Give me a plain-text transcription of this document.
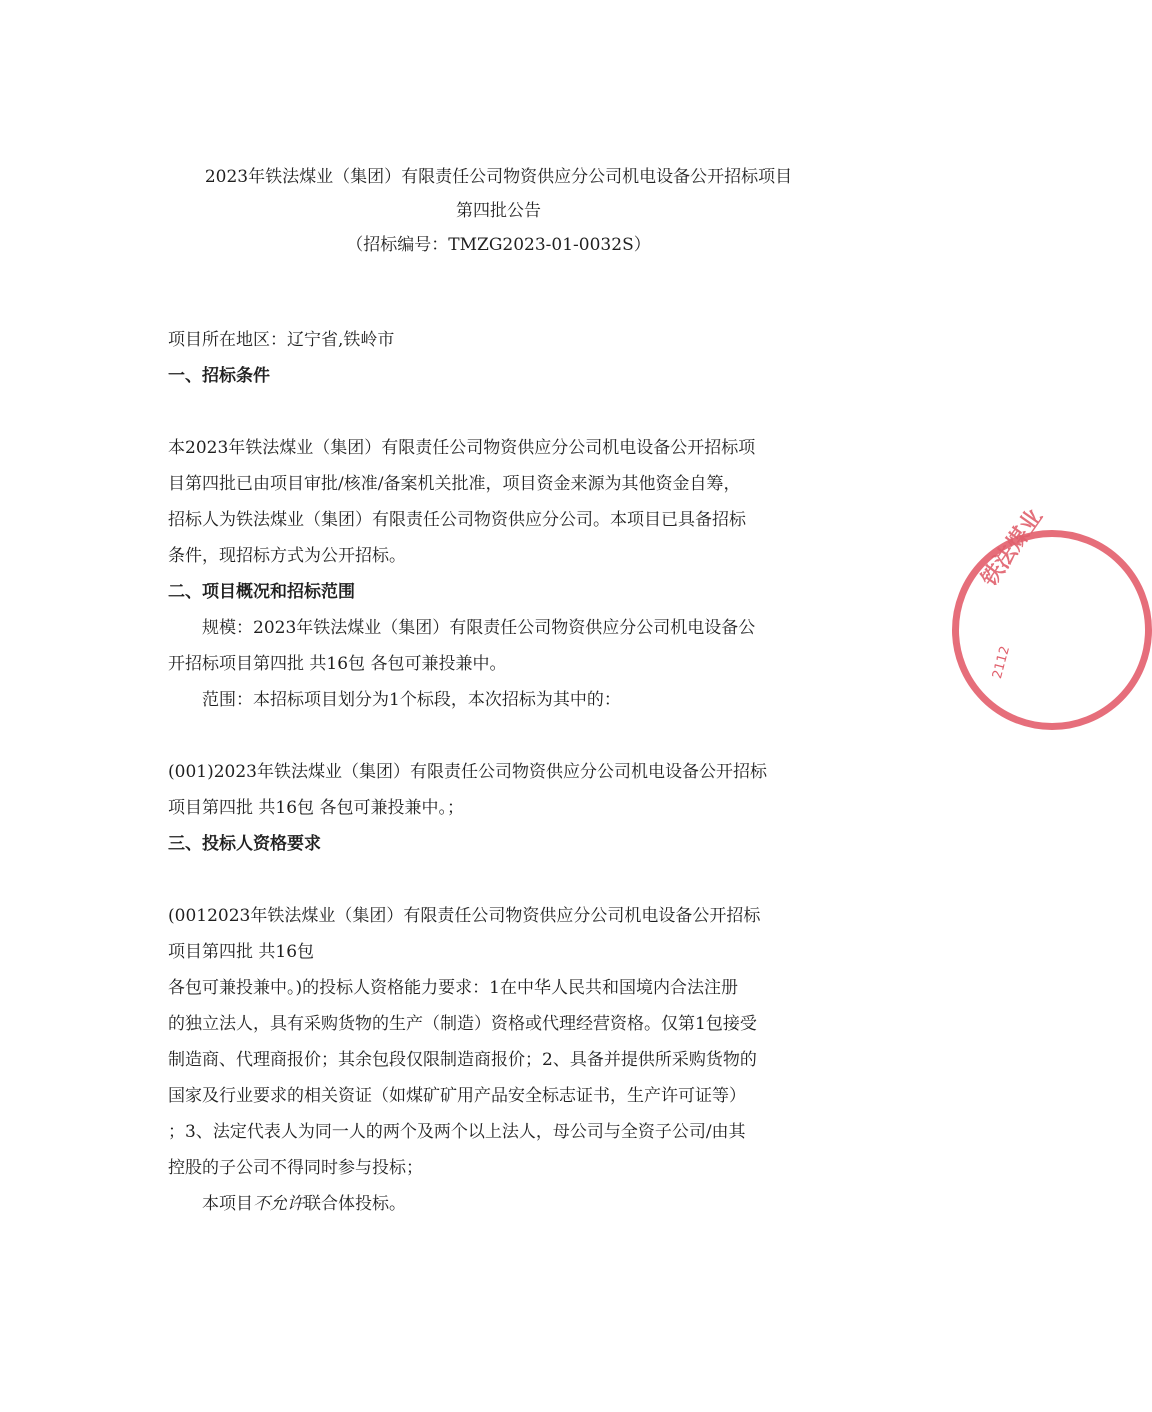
2023年铁法煤业（集团）有限责任公司物资供应分公司机电设备公开招标项目
第四批公告
（招标编号：TMZG2023-01-0032S）
项目所在地区：辽宁省,铁岭市
一、招标条件
本2023年铁法煤业（集团）有限责任公司物资供应分公司机电设备公开招标项
目第四批已由项目审批/核准/备案机关批准，项目资金来源为其他资金自筹，
招标人为铁法煤业（集团）有限责任公司物资供应分公司。本项目已具备招标
条件，现招标方式为公开招标。
二、项目概况和招标范围
规模：2023年铁法煤业（集团）有限责任公司物资供应分公司机电设备公
开招标项目第四批 共16包 各包可兼投兼中。
范围：本招标项目划分为1个标段，本次招标为其中的：
(001)2023年铁法煤业（集团）有限责任公司物资供应分公司机电设备公开招标
项目第四批 共16包 各包可兼投兼中。；
三、投标人资格要求
(0012023年铁法煤业（集团）有限责任公司物资供应分公司机电设备公开招标
项目第四批 共16包
各包可兼投兼中。)的投标人资格能力要求：1在中华人民共和国境内合法注册
的独立法人，具有采购货物的生产（制造）资格或代理经营资格。仅第1包接受
制造商、代理商报价；其余包段仅限制造商报价；2、具备并提供所采购货物的
国家及行业要求的相关资证（如煤矿矿用产品安全标志证书，生产许可证等）
；3、法定代表人为同一人的两个及两个以上法人，母公司与全资子公司/由其
控股的子公司不得同时参与投标；
本项目不允许联合体投标。
铁法煤业
2112
